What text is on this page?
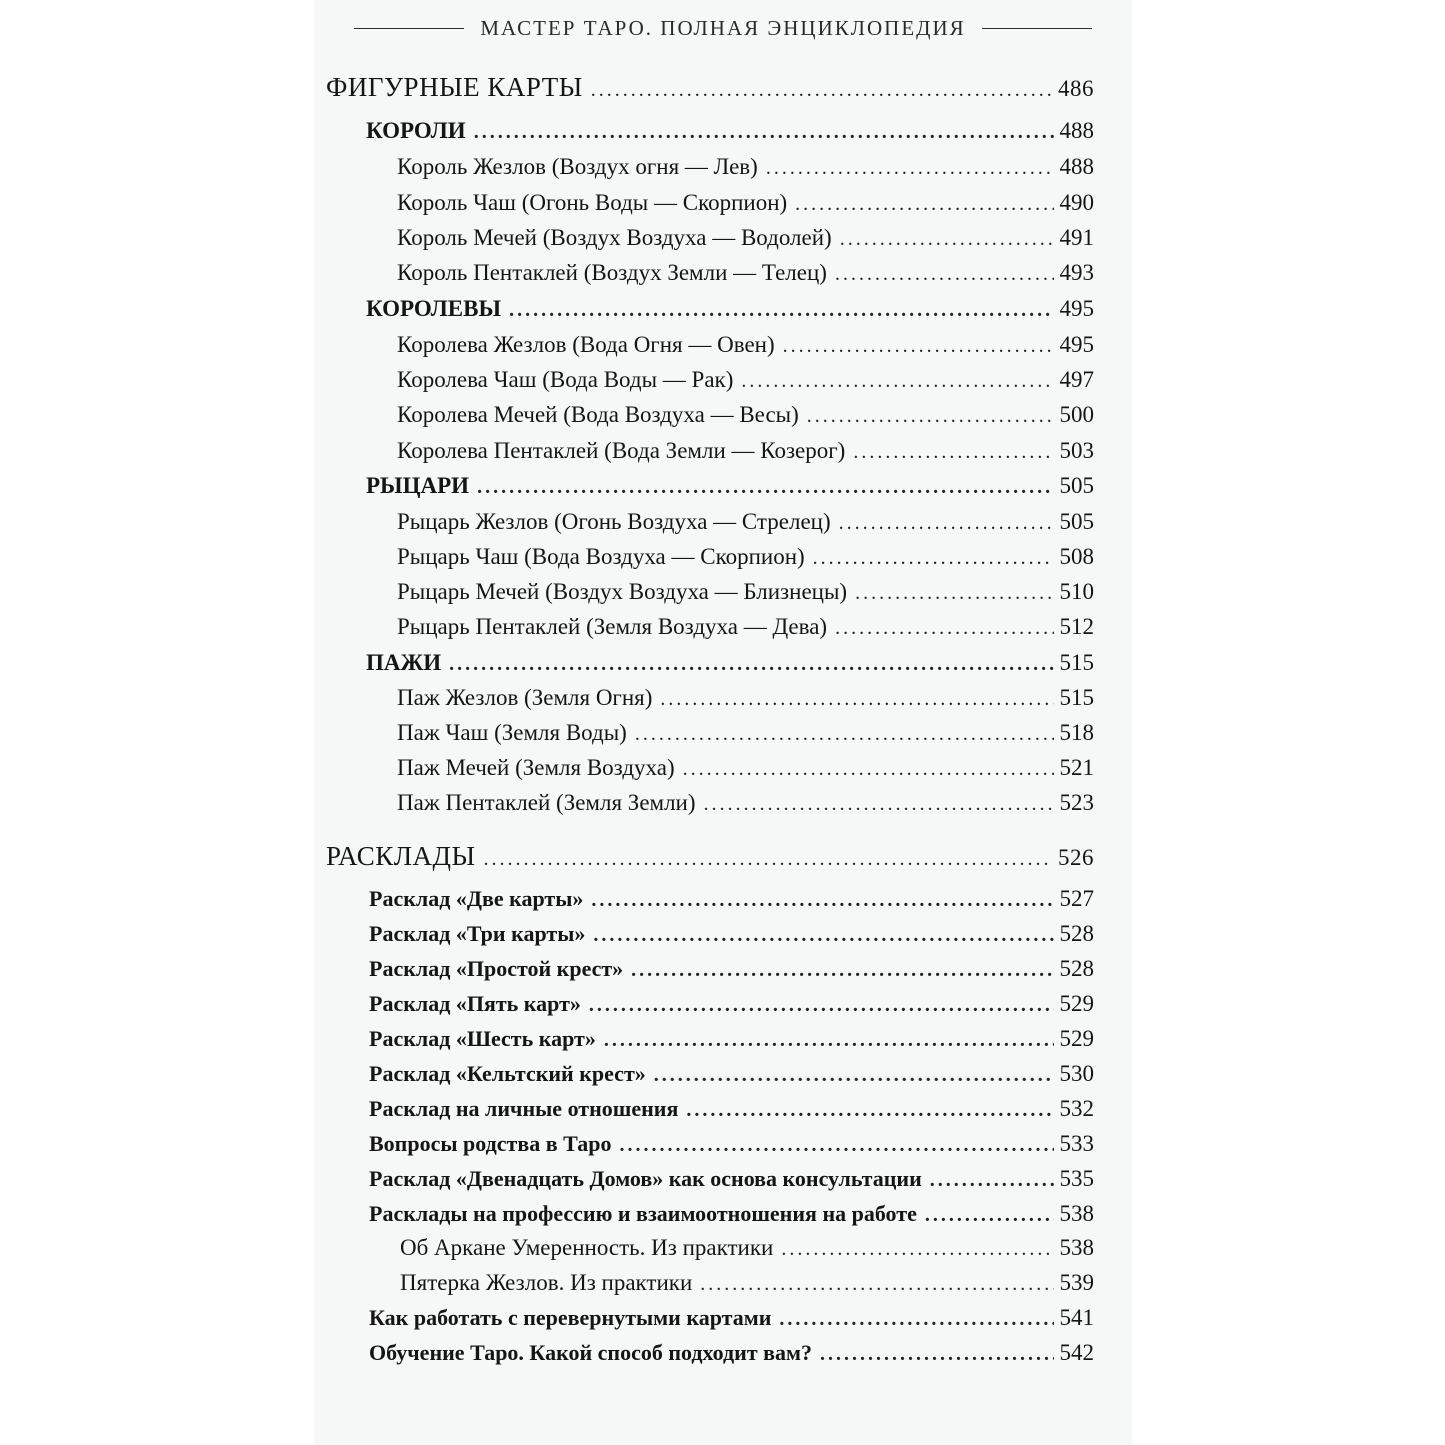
МАСТЕР ТАРО. ПОЛНАЯ ЭНЦИКЛОПЕДИЯ
ФИГУРНЫЕ КАРТЫ . . .	486
КОРОЛИ . . .	488
Король Жезлов (Воздух огня — Лев) . . .	488
Король Чаш (Огонь Воды — Скорпион) . . .	490
Король Мечей (Воздух Воздуха — Водолей) . . .	491
Король Пентаклей (Воздух Земли — Телец) . . .	493
КОРОЛЕВЫ . . .	495
Королева Жезлов (Вода Огня — Овен) . . .	495
Королева Чаш (Вода Воды — Рак) . . .	497
Королева Мечей (Вода Воздуха — Весы) . . .	500
Королева Пентаклей (Вода Земли — Козерог) . . .	503
РЫЦАРИ . . .	505
Рыцарь Жезлов (Огонь Воздуха — Стрелец) . . .	505
Рыцарь Чаш (Вода Воздуха — Скорпион) . . .	508
Рыцарь Мечей (Воздух Воздуха — Близнецы) . . .	510
Рыцарь Пентаклей (Земля Воздуха — Дева) . . .	512
ПАЖИ . . .	515
Паж Жезлов (Земля Огня) . . .	515
Паж Чаш (Земля Воды) . . .	518
Паж Мечей (Земля Воздуха) . . .	521
Паж Пентаклей (Земля Земли) . . .	523
РАСКЛАДЫ . . .	526
Расклад «Две карты» . . .	527
Расклад «Три карты» . . .	528
Расклад «Простой крест» . . .	528
Расклад «Пять карт» . . .	529
Расклад «Шесть карт» . . .	529
Расклад «Кельтский крест» . . .	530
Расклад на личные отношения . . .	532
Вопросы родства в Таро . . .	533
Расклад «Двенадцать Домов» как основа консультации . . .	535
Расклады на профессию и взаимоотношения на работе . . .	538
Об Аркане Умеренность. Из практики . . .	538
Пятерка Жезлов. Из практики . . .	539
Как работать с перевернутыми картами . . .	541
Обучение Таро. Какой способ подходит вам? . . .	542
